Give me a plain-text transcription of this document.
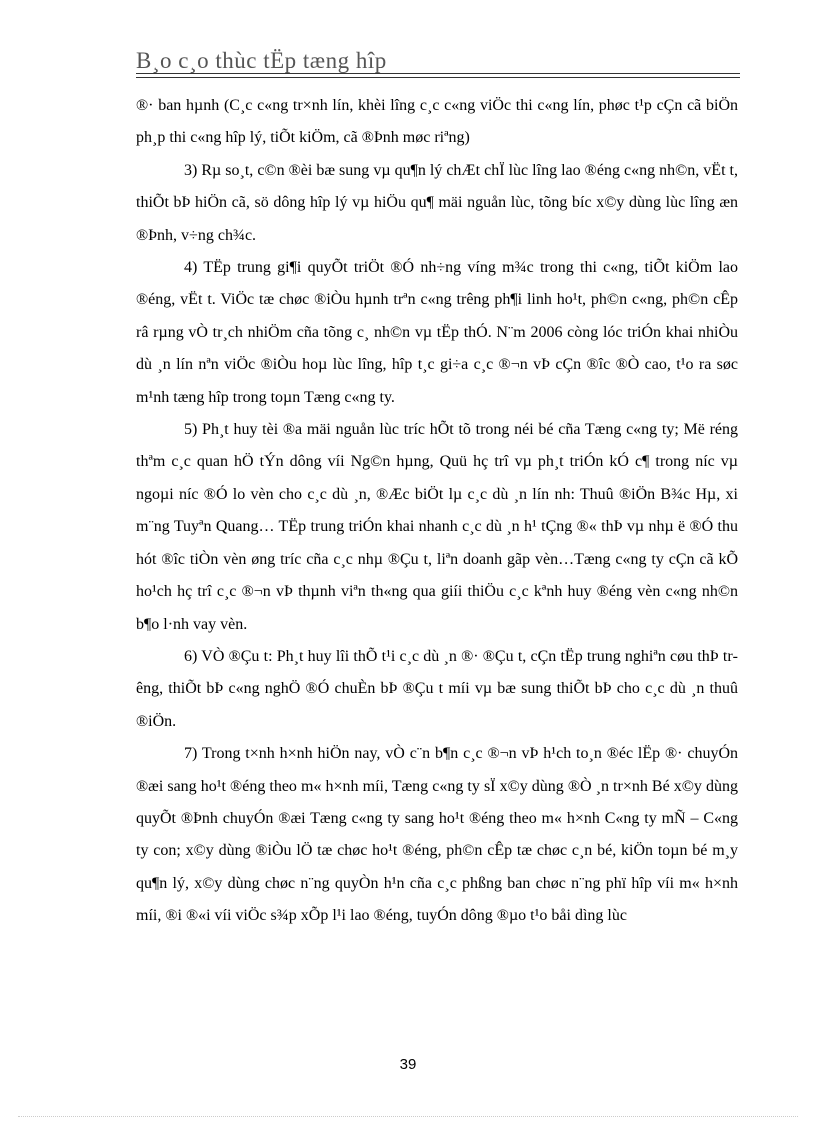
B¸o c¸o thùc tËp tæng hîp

®· ban hµnh (C¸c c«ng tr×nh lín, khèi lîng c¸c c«ng viÖc thi c«ng lín, phøc t¹p cÇn cã biÖn ph¸p thi c«ng hîp lý, tiÕt kiÖm, cã ®Þnh møc riªng)

3) Rµ so¸t, c©n ®èi bæ sung vµ qu¶n lý chÆt chÏ lùc lîng lao ®éng c«ng nh©n, vËt t, thiÕt bÞ hiÖn cã, sö dông hîp lý vµ hiÖu qu¶ mäi nguån lùc, tõng bíc x©y dùng lùc lîng æn ®Þnh, v÷ng ch¾c.

4) TËp trung gi¶i quyÕt triÖt ®Ó nh÷ng víng m¾c trong thi c«ng, tiÕt kiÖm lao ®éng, vËt t. ViÖc tæ chøc ®iÒu hµnh trªn c«ng trêng ph¶i linh ho¹t, ph©n c«ng, ph©n cÊp râ rµng vÒ tr¸ch nhiÖm cña tõng c¸ nh©n vµ tËp thÓ. N¨m 2006 còng lóc triÓn khai nhiÒu dù ¸n lín nªn viÖc ®iÒu hoµ lùc lîng, hîp t¸c gi÷a c¸c ®¬n vÞ cÇn ®îc ®Ò cao, t¹o ra søc m¹nh tæng hîp trong toµn Tæng c«ng ty.

5) Ph¸t huy tèi ®a mäi nguån lùc tríc hÕt tõ trong néi bé cña Tæng c«ng ty; Më réng thªm c¸c quan hÖ tÝn dông víi Ng©n hµng, Quü hç trî vµ ph¸t triÓn kÓ c¶ trong níc vµ ngoµi níc ®Ó lo vèn cho c¸c dù ¸n, ®Æc biÖt lµ c¸c dù ¸n lín nh: Thuû ®iÖn B¾c Hµ, xi m¨ng Tuyªn Quang… TËp trung triÓn khai nhanh c¸c dù ¸n h¹ tÇng ®« thÞ vµ nhµ ë ®Ó thu hót ®îc tiÒn vèn øng tríc cña c¸c nhµ ®Çu t, liªn doanh gãp vèn…Tæng c«ng ty cÇn cã kÕ ho¹ch hç trî c¸c ®¬n vÞ thµnh viªn th«ng qua giíi thiÖu c¸c kªnh huy ®éng vèn c«ng nh©n b¶o l·nh vay vèn.

6) VÒ ®Çu t: Ph¸t huy lîi thÕ t¹i c¸c dù ¸n ®· ®Çu t, cÇn tËp trung nghiªn cøu thÞ trêng, thiÕt bÞ c«ng nghÖ ®Ó chuÈn bÞ ®Çu t míi vµ bæ sung thiÕt bÞ cho c¸c dù ¸n thuû ®iÖn.

7) Trong t×nh h×nh hiÖn nay, vÒ c¨n b¶n c¸c ®¬n vÞ h¹ch to¸n ®éc lËp ®· chuyÓn ®æi sang ho¹t ®éng theo m« h×nh míi, Tæng c«ng ty sÏ x©y dùng ®Ò ¸n tr×nh Bé x©y dùng quyÕt ®Þnh chuyÓn ®æi Tæng c«ng ty sang ho¹t ®éng theo m« h×nh C«ng ty mÑ – C«ng ty con; x©y dùng ®iÒu lÖ tæ chøc ho¹t ®éng, ph©n cÊp tæ chøc c¸n bé, kiÖn toµn bé m¸y qu¶n lý, x©y dùng chøc n¨ng quyÒn h¹n cña c¸c phßng ban chøc n¨ng phï hîp víi m« h×nh míi, ®i ®«i víi viÖc s¾p xÕp l¹i lao ®éng, tuyÓn dông ®µo t¹o båi dìng lùc

39
